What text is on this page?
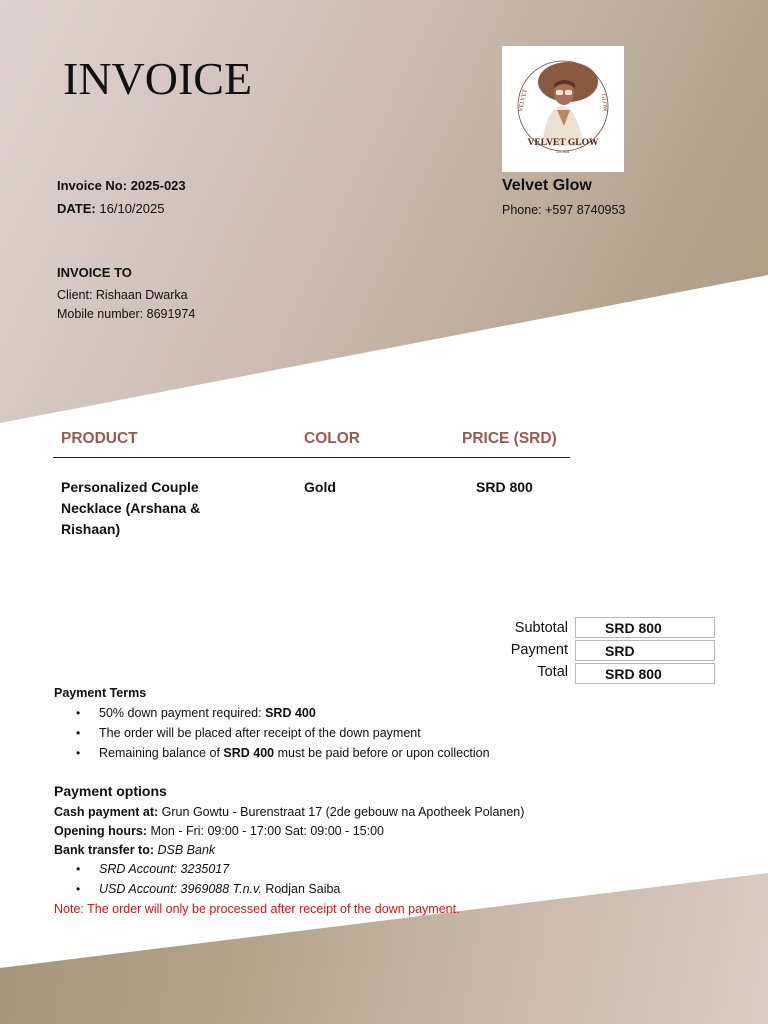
INVOICE
Invoice No: 2025-023
DATE: 16/10/2025
INVOICE TO
Client: Rishaan Dwarka
Mobile number: 8691974
VELVET	GLOW
VELVET GLOW
est. 2024
Velvet Glow
Phone: +597 8740953
PRODUCT	COLOR	PRICE (SRD)
Personalized Couple
Necklace (Arshana &
Rishaan)
Gold	SRD 800
Subtotal	SRD 800
Payment	SRD
Total	SRD 800
Payment Terms
• 50% down payment required: SRD 400
• The order will be placed after receipt of the down payment
• Remaining balance of SRD 400 must be paid before or upon collection
Payment options
Cash payment at: Grun Gowtu - Burenstraat 17 (2de gebouw na Apotheek Polanen)
Opening hours: Mon - Fri: 09:00 - 17:00 Sat: 09:00 - 15:00
Bank transfer to: DSB Bank
• SRD Account: 3235017
• USD Account: 3969088 T.n.v. Rodjan Saiba
Note: The order will only be processed after receipt of the down payment.
